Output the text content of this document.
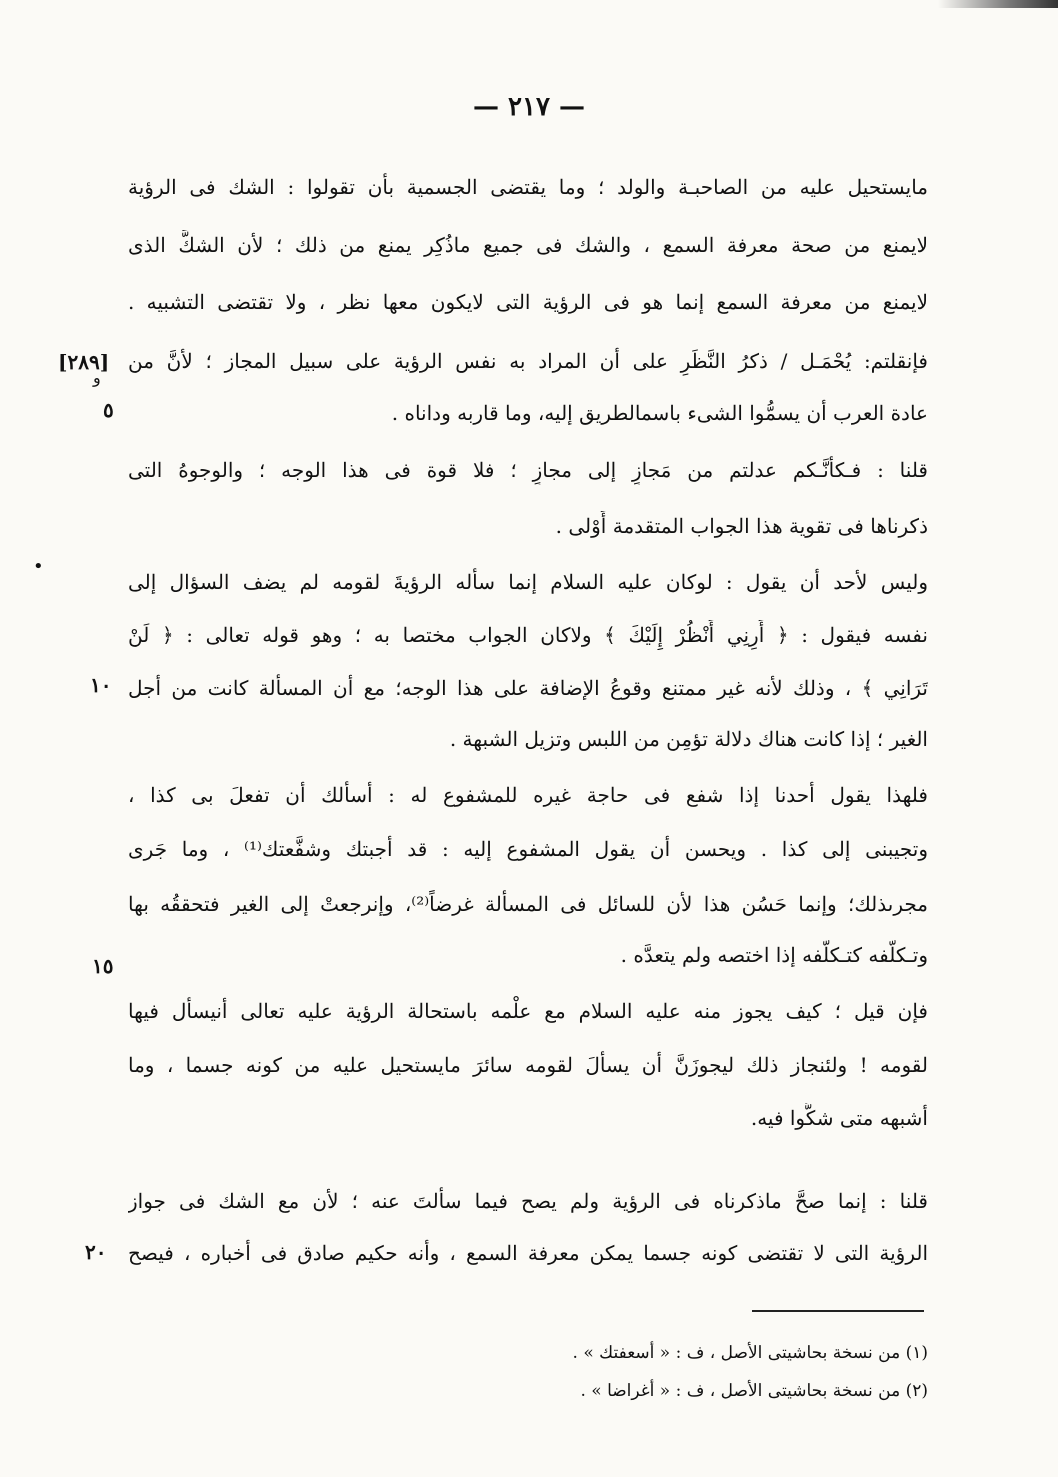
— ٢١٧ —
مايستحيل عليه من الصاحبـة والولد ؛ وما يقتضى الجسمية بأن تقولوا : الشك فى الرؤية
لايمنع من صحة معرفة السمع ، والشك فى جميع ماذُكِر يمنع من ذلك ؛ لأن الشكَّ الذى
لايمنع من معرفة السمع إنما هو فى الرؤية التى لايكون معها نظر ، ولا تقتضى التشبيه .
فإنقلتم: يُحْمَـل / ذكرُ النَّظَرِ على أن المراد به نفس الرؤية على سبيل المجاز ؛ لأنَّ من
عادة العرب أن يسمُّوا الشىء باسمالطريق إليه، وما قاربه وداناه .
قلنا : فـكأنَّـكم عدلتم من مَجازٍ إلى مجازٍ ؛ فلا قوة فى هذا الوجه ؛ والوجوهُ التى
ذكرناها فى تقوية هذا الجواب المتقدمة أَوْلى .
وليس لأحد أن يقول : لوكان عليه السلام إنما سأله الرؤيةَ لقومه لم يضف السؤال إلى
نفسه فيقول : ﴿ أَرِنِي أَنْظُرْ إِلَيْكَ ﴾ ولاكان الجواب مختصا به ؛ وهو قوله تعالى : ﴿ لَنْ
تَرَانِي ﴾ ، وذلك لأنه غير ممتنع وقوعُ الإضافة على هذا الوجه؛ مع أن المسألة كانت من أجل
الغير ؛ إذا كانت هناك دلالة تؤمِن من اللبس وتزيل الشبهة .
فلهذا يقول أحدنا إذا شفع فى حاجة غيره للمشفوع له : أسألك أن تفعلَ بى كذا ،
وتجيبنى إلى كذا . ويحسن أن يقول المشفوع إليه : قد أجبتك وشفَّعتك⁽¹⁾ ، وما جَرى
مجرىذلك؛ وإنما حَسُن هذا لأن للسائل فى المسألة غرضاً⁽²⁾، وإنرجعتْ إلى الغير فتحققُه بها
وتـكلُّفه كتـكلُّفه إذا اختصه ولم يتعدَّه .
فإن قيل ؛ كيف يجوز منه عليه السلام مع علْمه باستحالة الرؤية عليه تعالى أنيسأل فيها
لقومه ! ولئنجاز ذلك ليجوزَنَّ أن يسألَ لقومه سائرَ مايستحيل عليه من كونه جسما ، وما
أشبهه متى شكُّوا فيه.
قلنا : إنما صحَّ ماذكرناه فى الرؤية ولم يصح فيما سألتَ عنه ؛ لأن مع الشك فى جواز
الرؤية التى لا تقتضى كونه جسما يمكن معرفة السمع ، وأنه حكيم صادق فى أخباره ، فيصح
[٢٨٩]
و
•
٥
١٠
١٥
٢٠
(١) من نسخة بحاشيتى الأصل ، ف : « أسعفتك » .
(٢) من نسخة بحاشيتى الأصل ، ف : « أغراضا » .
